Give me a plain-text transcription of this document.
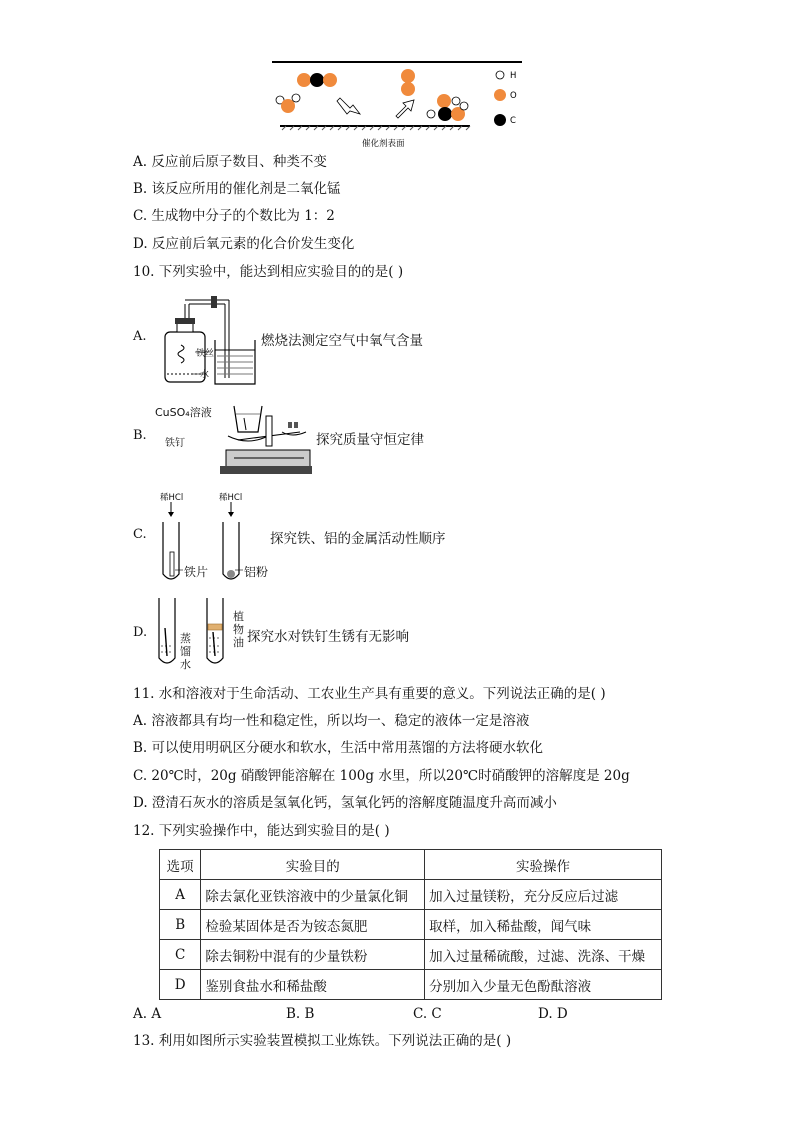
H
O
C
催化剂表面
A. 反应前后原子数目、种类不变
B. 该反应所用的催化剂是二氧化锰
C. 生成物中分子的个数比为 1：2
D. 反应前后氧元素的化合价发生变化
10. 下列实验中，能达到相应实验目的的是( )
A.
铁丝
水
燃烧法测定空气中氧气含量
B.
CuSO₄溶液
铁钉	探究质量守恒定律
C.
稀HCl	稀HCl
铁片	铝粉
探究铁、铝的金属活动性顺序
D.	蒸馏水
植物油 探究水对铁钉生锈有无影响
11. 水和溶液对于生命活动、工农业生产具有重要的意义。下列说法正确的是( )
A. 溶液都具有均一性和稳定性，所以均一、稳定的液体一定是溶液
B. 可以使用明矾区分硬水和软水，生活中常用蒸馏的方法将硬水软化
C. 20℃时，20g 硝酸钾能溶解在 100g 水里，所以20℃时硝酸钾的溶解度是 20g
D. 澄清石灰水的溶质是氢氧化钙，氢氧化钙的溶解度随温度升高而减小
12. 下列实验操作中，能达到实验目的是( )
选项	实验目的	实验操作
A	除去氯化亚铁溶液中的少量氯化铜	加入过量镁粉，充分反应后过滤
B	检验某固体是否为铵态氮肥	取样，加入稀盐酸，闻气味
C	除去铜粉中混有的少量铁粉	加入过量稀硫酸，过滤、洗涤、干燥
D	鉴别食盐水和稀盐酸	分别加入少量无色酚酞溶液
A. A	B. B	C. C	D. D
13. 利用如图所示实验装置模拟工业炼铁。下列说法正确的是( )
